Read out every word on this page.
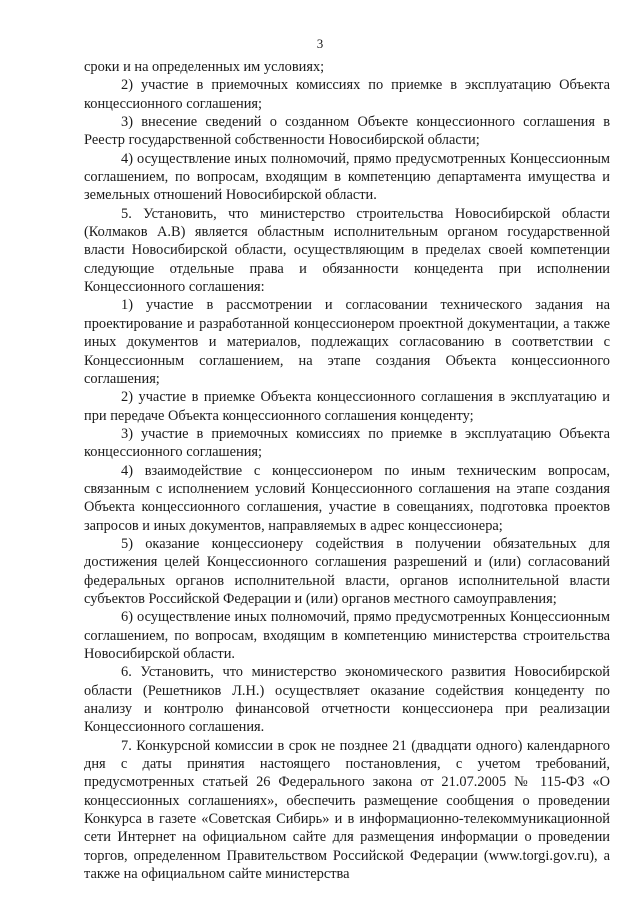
3

сроки и на определенных им условиях;

2) участие в приемочных комиссиях по приемке в эксплуатацию Объекта концессионного соглашения;

3) внесение сведений о созданном Объекте концессионного соглашения в Реестр государственной собственности Новосибирской области;

4) осуществление иных полномочий, прямо предусмотренных Концессионным соглашением, по вопросам, входящим в компетенцию департамента имущества и земельных отношений Новосибирской области.

5. Установить, что министерство строительства Новосибирской области (Колмаков А.В) является областным исполнительным органом государственной власти Новосибирской области, осуществляющим в пределах своей компетенции следующие отдельные права и обязанности концедента при исполнении Концессионного соглашения:

1) участие в рассмотрении и согласовании технического задания на проектирование и разработанной концессионером проектной документации, а также иных документов и материалов, подлежащих согласованию в соответствии с Концессионным соглашением, на этапе создания Объекта концессионного соглашения;

2) участие в приемке Объекта концессионного соглашения в эксплуатацию и при передаче Объекта концессионного соглашения концеденту;

3) участие в приемочных комиссиях по приемке в эксплуатацию Объекта концессионного соглашения;

4) взаимодействие с концессионером по иным техническим вопросам, связанным с исполнением условий Концессионного соглашения на этапе создания Объекта концессионного соглашения, участие в совещаниях, подготовка проектов запросов и иных документов, направляемых в адрес концессионера;

5) оказание концессионеру содействия в получении обязательных для достижения целей Концессионного соглашения разрешений и (или) согласований федеральных органов исполнительной власти, органов исполнительной власти субъектов Российской Федерации и (или) органов местного самоуправления;

6) осуществление иных полномочий, прямо предусмотренных Концессионным соглашением, по вопросам, входящим в компетенцию министерства строительства Новосибирской области.

6. Установить, что министерство экономического развития Новосибирской области (Решетников Л.Н.) осуществляет оказание содействия концеденту по анализу и контролю финансовой отчетности концессионера при реализации Концессионного соглашения.

7. Конкурсной комиссии в срок не позднее 21 (двадцати одного) календарного дня с даты принятия настоящего постановления, с учетом требований, предусмотренных статьей 26 Федерального закона от 21.07.2005 № 115-ФЗ «О концессионных соглашениях», обеспечить размещение сообщения о проведении Конкурса в газете «Советская Сибирь» и в информационно-телекоммуникационной сети Интернет на официальном сайте для размещения информации о проведении торгов, определенном Правительством Российской Федерации (www.torgi.gov.ru), а также на официальном сайте министерства
